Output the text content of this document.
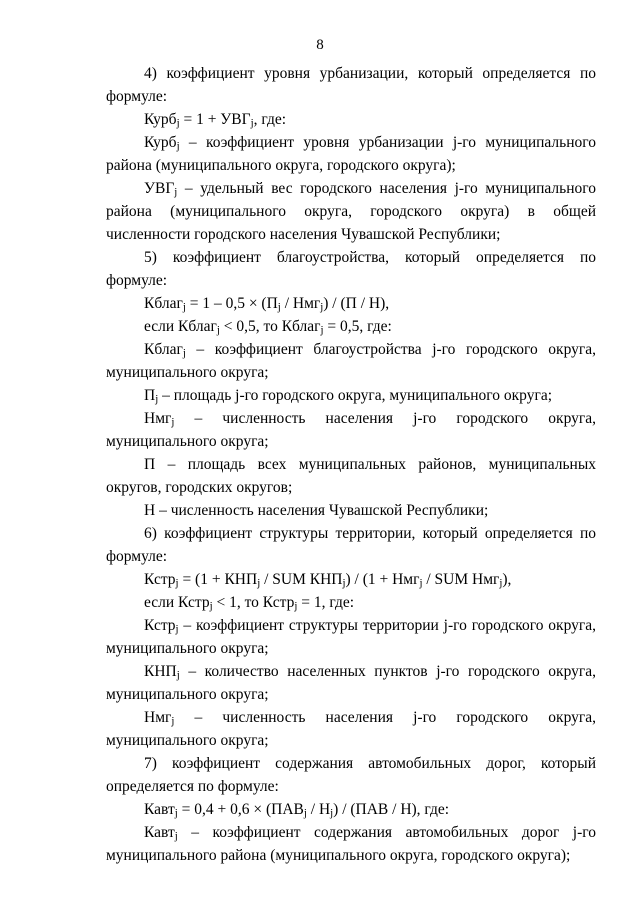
8

4) коэффициент уровня урбанизации, который определяется по формуле:

Курбj = 1 + УВГj, где:

Курбj – коэффициент уровня урбанизации j-го муниципального района (муниципального округа, городского округа);

УВГj – удельный вес городского населения j-го муниципального района (муниципального округа, городского округа) в общей численности городского населения Чувашской Республики;

5) коэффициент благоустройства, который определяется по формуле:

Кблагj = 1 – 0,5 × (Пj / Нмгj) / (П / Н),

если Кблагj < 0,5, то Кблагj = 0,5, где:

Кблагj – коэффициент благоустройства j-го городского округа, муниципального округа;

Пj – площадь j-го городского округа, муниципального округа;

Нмгj – численность населения j-го городского округа, муниципального округа;

П – площадь всех муниципальных районов, муниципальных округов, городских округов;

Н – численность населения Чувашской Республики;

6) коэффициент структуры территории, который определяется по формуле:

Кстрj = (1 + КНПj / SUM КНПj) / (1 + Нмгj / SUM Нмгj),

если Кстрj < 1, то Кстрj = 1, где:

Кстрj – коэффициент структуры территории j-го городского округа, муниципального округа;

КНПj – количество населенных пунктов j-го городского округа, муниципального округа;

Нмгj – численность населения j-го городского округа, муниципального округа;

7) коэффициент содержания автомобильных дорог, который определяется по формуле:

Кавтj = 0,4 + 0,6 × (ПАВj / Нj) / (ПАВ / Н), где:

Кавтj – коэффициент содержания автомобильных дорог j-го муниципального района (муниципального округа, городского округа);
